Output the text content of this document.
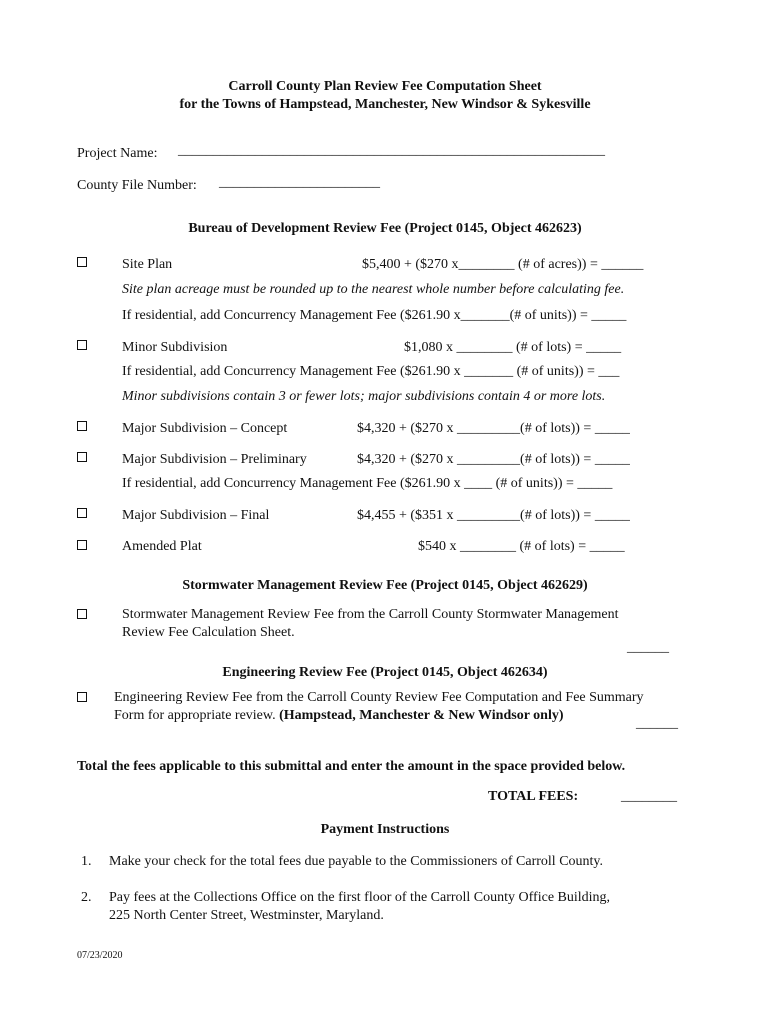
Carroll County Plan Review Fee Computation Sheet
for the Towns of Hampstead, Manchester, New Windsor & Sykesville
Project Name: _____________________________________________________________
County File Number: _______________________
Bureau of Development Review Fee (Project 0145, Object 462623)
Site Plan	$5,400 + ($270 x________ (# of acres)) = ______
Site plan acreage must be rounded up to the nearest whole number before calculating fee.
If residential, add Concurrency Management Fee ($261.90 x_______(# of units)) = _____
Minor Subdivision	$1,080 x ________ (# of lots) = _____
If residential, add Concurrency Management Fee ($261.90 x _______ (# of units)) = ___
Minor subdivisions contain 3 or fewer lots; major subdivisions contain 4 or more lots.
Major Subdivision – Concept	$4,320 + ($270 x _________(# of lots)) = _____
Major Subdivision – Preliminary	$4,320 + ($270 x _________(# of lots)) = _____
If residential, add Concurrency Management Fee ($261.90 x ____ (# of units)) = _____
Major Subdivision – Final	$4,455 + ($351 x _________(# of lots)) = _____
Amended Plat	$540 x ________ (# of lots) = _____
Stormwater Management Review Fee (Project 0145, Object 462629)
Stormwater Management Review Fee from the Carroll County Stormwater Management
Review Fee Calculation Sheet.
______
Engineering Review Fee (Project 0145, Object 462634)
Engineering Review Fee from the Carroll County Review Fee Computation and Fee Summary
Form for appropriate review. (Hampstead, Manchester & New Windsor only)
______
Total the fees applicable to this submittal and enter the amount in the space provided below.
TOTAL FEES:	________
Payment Instructions
1. Make your check for the total fees due payable to the Commissioners of Carroll County.
2. Pay fees at the Collections Office on the first floor of the Carroll County Office Building,
225 North Center Street, Westminster, Maryland.
07/23/2020
